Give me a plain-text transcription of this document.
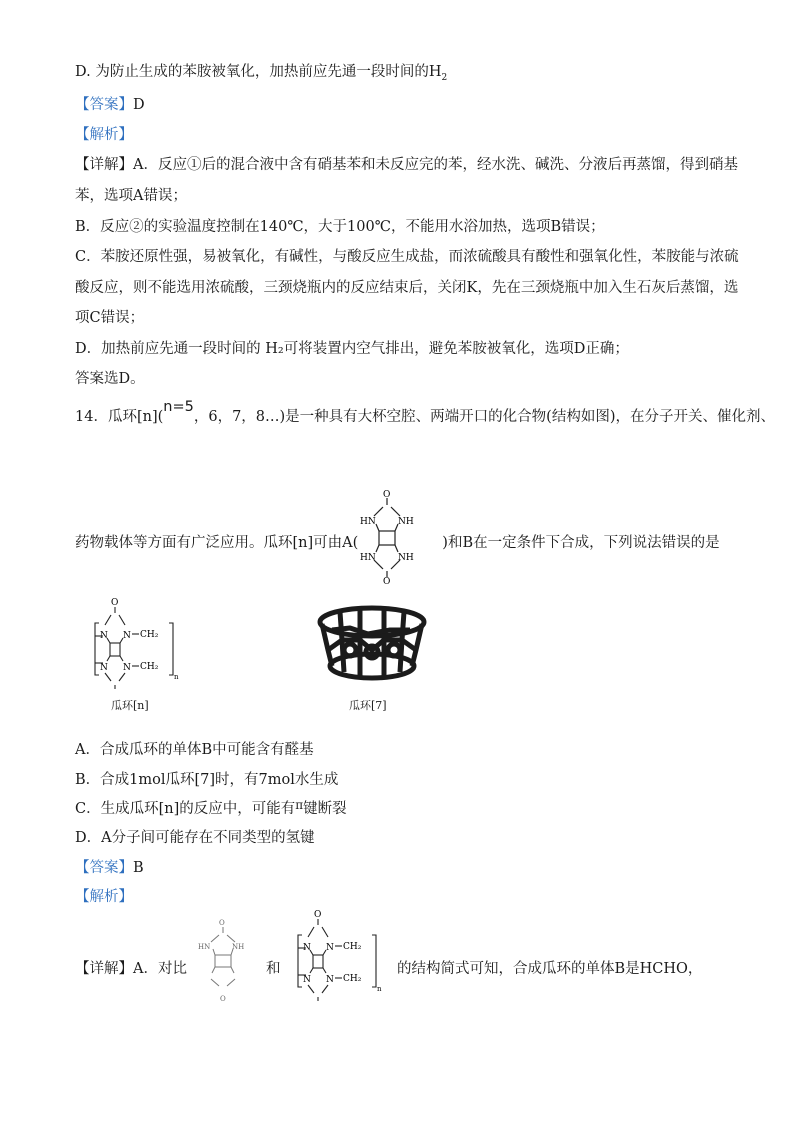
D. 为防止生成的苯胺被氧化，加热前应先通一段时间的$H_2$
【答案】D
【解析】
【详解】A．反应①后的混合液中含有硝基苯和未反应完的苯，经水洗、碱洗、分液后再蒸馏，得到硝基
苯，选项A错误；
B．反应②的实验温度控制在140℃，大于100℃，不能用水浴加热，选项B错误；
C．苯胺还原性强，易被氧化，有碱性，与酸反应生成盐，而浓硫酸具有酸性和强氧化性，苯胺能与浓硫
酸反应，则不能选用浓硫酸，三颈烧瓶内的反应结束后，关闭K，先在三颈烧瓶中加入生石灰后蒸馏，选
项C错误；
D．加热前应先通一段时间的 H₂可将装置内空气排出，避免苯胺被氧化，选项D正确；
答案选D。
14．瓜环[n](n=5，6，7，8…)是一种具有大杯空腔、两端开口的化合物(结构如图)，在分子开关、催化剂、
药物载体等方面有广泛应用。瓜环[n]可由A(	)和B在一定条件下合成，下列说法错误的是
O
HN NH
HN NH
O
O
N N CH₂
N N CH₂
n
瓜环[n]	瓜环[7]
A．合成瓜环的单体B中可能含有醛基
B．合成1mol瓜环[7]时，有7mol水生成
C．生成瓜环[n]的反应中，可能有$^\pi$键断裂
D．A分子间可能存在不同类型的氢键
【答案】B
【解析】
【详解】A．对比	和	的结构简式可知，合成瓜环的单体B是HCHO，
O
HN	NH
O
O
N N CH₂
N N CH₂
n
